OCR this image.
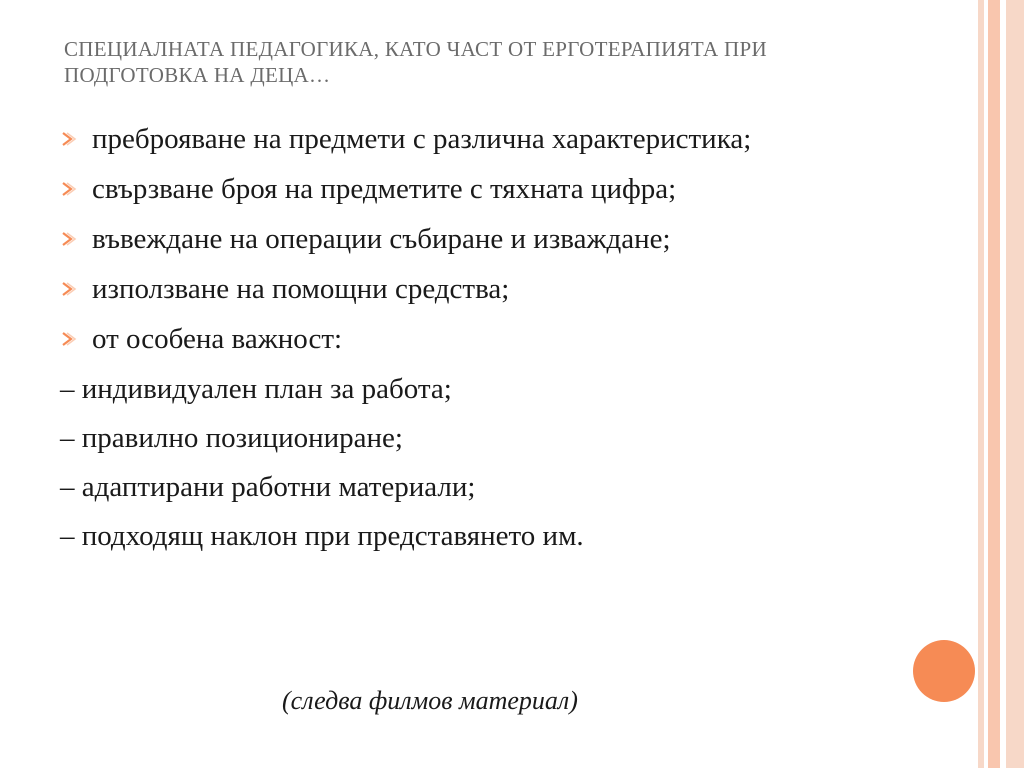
СПЕЦИАЛНАТА ПЕДАГОГИКА, КАТО ЧАСТ ОТ ЕРГОТЕРАПИЯТА ПРИ ПОДГОТОВКА НА ДЕЦА…
преброяване на предмети с различна характеристика;
свързване броя на предметите с тяхната цифра;
въвеждане на операции събиране и изваждане;
използване на помощни средства;
от особена важност:
– индивидуален план за работа;
– правилно позициониране;
– адаптирани работни материали;
– подходящ наклон при представянето им.
(следва филмов материал)
